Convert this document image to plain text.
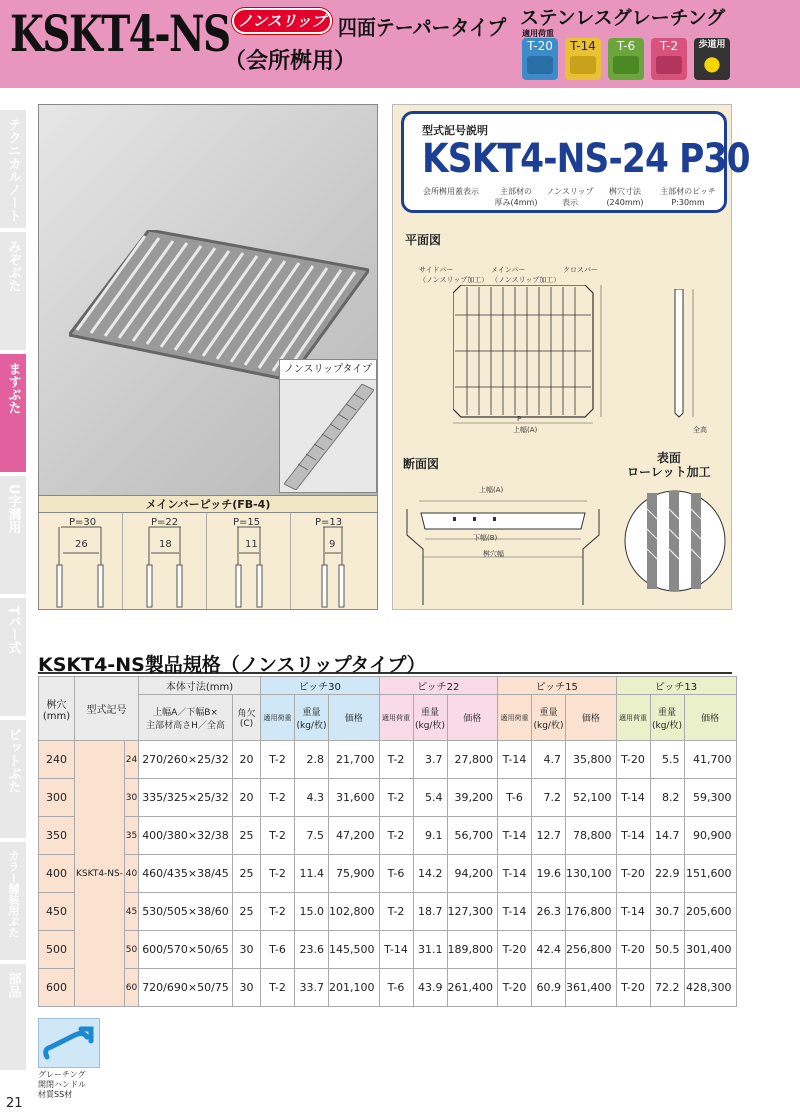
KSKT4-NS ノンスリップ 四面テーパータイプ
（会所桝用）
ステンレスグレーチング
適用荷重
T-20	T-14	T-6	T-2	歩道用
●
テクニカルノート
みぞぶた
ますぶた
U字溝用
Tバー式
ピットぶた
カラー舗装用ぶた
部品
21
ノンスリップタイプ
メインバーピッチ(FB-4)
P=30
26
P=22
18
P=15
11
P=13
9
型式記号説明
KSKT4-NS-24 P30
会所桝用蓋表示	主部材の
厚み(4mm)
ノンスリップ
表示
桝穴寸法
(240mm)
主部材のピッチ
P:30mm
平面図
サイドバー
（ノンスリップ加工）
メインバー
（ノンスリップ加工）
クロスバー
上幅(A)
P
全高
断面図	表面
ローレット加工
上幅(A)
下幅(B)
桝穴幅
KSKT4-NS製品規格（ノンスリップタイプ）
桝穴
(mm)	型式記号		本体寸法(mm)		ピッチ30			ピッチ22			ピッチ15			ピッチ13		
			上幅A／下幅B×
主部材高さH／全高	角欠
(C)	適用荷重	重量
(kg/枚)	価格	適用荷重	重量
(kg/枚)	価格	適用荷重	重量
(kg/枚)	価格	適用荷重	重量
(kg/枚)	価格
240	KSKT4-NS-	24	270/260×25/32	20	T-2	2.8	21,700	T-2	3.7	27,800	T-14	4.7	35,800	T-20	5.5	41,700
300		30	335/325×25/32	20	T-2	4.3	31,600	T-2	5.4	39,200	T-6	7.2	52,100	T-14	8.2	59,300
350		35	400/380×32/38	25	T-2	7.5	47,200	T-2	9.1	56,700	T-14	12.7	78,800	T-14	14.7	90,900
400		40	460/435×38/45	25	T-2	11.4	75,900	T-6	14.2	94,200	T-14	19.6	130,100	T-20	22.9	151,600
450		45	530/505×38/60	25	T-2	15.0	102,800	T-2	18.7	127,300	T-14	26.3	176,800	T-14	30.7	205,600
500		50	600/570×50/65	30	T-6	23.6	145,500	T-14	31.1	189,800	T-20	42.4	256,800	T-20	50.5	301,400
600		60	720/690×50/75	30	T-2	33.7	201,100	T-6	43.9	261,400	T-20	60.9	361,400	T-20	72.2	428,300
グレーチング
開閉ハンドル
材質SS材
